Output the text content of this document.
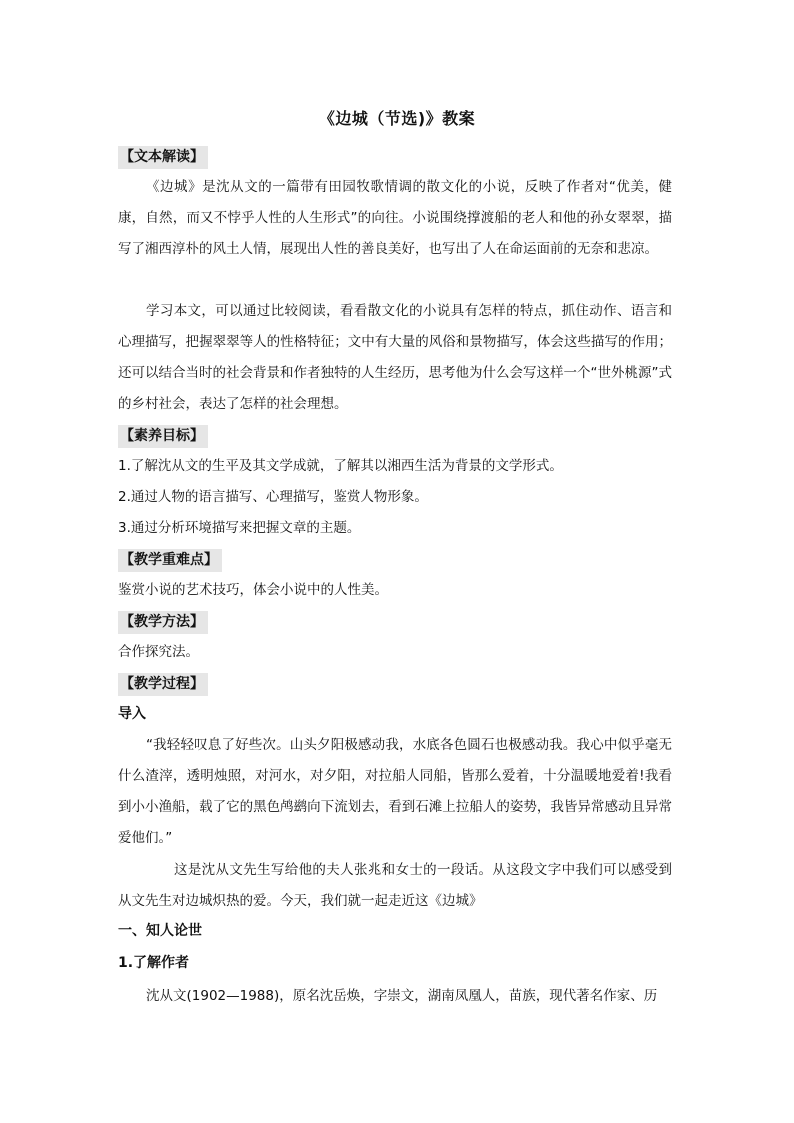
《边城（节选)》教案
【文本解读】

《边城》是沈从文的一篇带有田园牧歌情调的散文化的小说，反映了作者对“优美，健康，自然，而又不悖乎人性的人生形式”的向往。小说围绕撑渡船的老人和他的孙女翠翠，描写了湘西淳朴的风土人情，展现出人性的善良美好，也写出了人在命运面前的无奈和悲凉。

学习本文，可以通过比较阅读，看看散文化的小说具有怎样的特点，抓住动作、语言和心理描写，把握翠翠等人的性格特征；文中有大量的风俗和景物描写，体会这些描写的作用；还可以结合当时的社会背景和作者独特的人生经历，思考他为什么会写这样一个“世外桃源”式的乡村社会，表达了怎样的社会理想。

【素养目标】
1.了解沈从文的生平及其文学成就，了解其以湘西生活为背景的文学形式。
2.通过人物的语言描写、心理描写，鉴赏人物形象。
3.通过分析环境描写来把握文章的主题。
【教学重难点】
鉴赏小说的艺术技巧，体会小说中的人性美。
【教学方法】
合作探究法。
【教学过程】
导入

“我轻轻叹息了好些次。山头夕阳极感动我，水底各色圆石也极感动我。我心中似乎毫无什么渣滓，透明烛照，对河水，对夕阳，对拉船人同船，皆那么爱着，十分温暖地爱着!我看到小小渔船，载了它的黑色鸬鹚向下流划去，看到石滩上拉船人的姿势，我皆异常感动且异常爱他们。”

这是沈从文先生写给他的夫人张兆和女士的一段话。从这段文字中我们可以感受到从文先生对边城炽热的爱。今天，我们就一起走近这《边城》

一、知人论世
1.了解作者
沈从文(1902—1988)，原名沈岳焕，字崇文，湖南凤凰人，苗族，现代著名作家、历
